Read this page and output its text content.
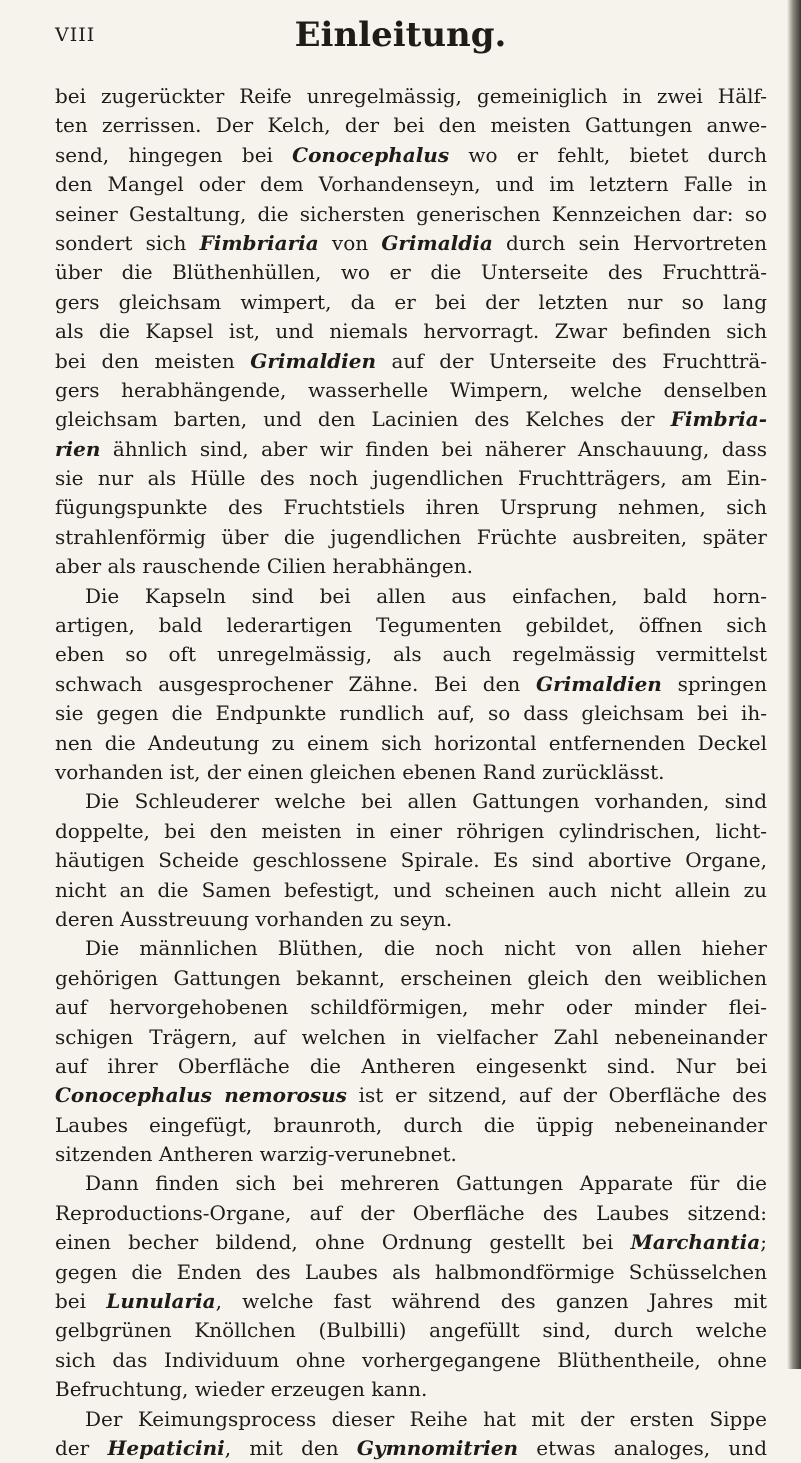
VIII	Einleitung.
bei zugerückter Reife unregelmässig, gemeiniglich in zwei Hälf-
ten zerrissen. Der Kelch, der bei den meisten Gattungen anwe-
send, hingegen bei Conocephalus wo er fehlt, bietet durch
den Mangel oder dem Vorhandenseyn, und im letztern Falle in
seiner Gestaltung, die sichersten generischen Kennzeichen dar: so
sondert sich Fimbriaria von Grimaldia durch sein Hervortreten
über die Blüthenhüllen, wo er die Unterseite des Fruchtträ-
gers gleichsam wimpert, da er bei der letzten nur so lang
als die Kapsel ist, und niemals hervorragt. Zwar befinden sich
bei den meisten Grimaldien auf der Unterseite des Fruchtträ-
gers herabhängende, wasserhelle Wimpern, welche denselben
gleichsam barten, und den Lacinien des Kelches der Fimbria-
rien ähnlich sind, aber wir finden bei näherer Anschauung, dass
sie nur als Hülle des noch jugendlichen Fruchtträgers, am Ein-
fügungspunkte des Fruchtstiels ihren Ursprung nehmen, sich
strahlenförmig über die jugendlichen Früchte ausbreiten, später
aber als rauschende Cilien herabhängen.
Die Kapseln sind bei allen aus einfachen, bald horn-
artigen, bald lederartigen Tegumenten gebildet, öffnen sich
eben so oft unregelmässig, als auch regelmässig vermittelst
schwach ausgesprochener Zähne. Bei den Grimaldien springen
sie gegen die Endpunkte rundlich auf, so dass gleichsam bei ih-
nen die Andeutung zu einem sich horizontal entfernenden Deckel
vorhanden ist, der einen gleichen ebenen Rand zurücklässt.
Die Schleuderer welche bei allen Gattungen vorhanden, sind
doppelte, bei den meisten in einer röhrigen cylindrischen, licht-
häutigen Scheide geschlossene Spirale. Es sind abortive Organe,
nicht an die Samen befestigt, und scheinen auch nicht allein zu
deren Ausstreuung vorhanden zu seyn.
Die männlichen Blüthen, die noch nicht von allen hieher
gehörigen Gattungen bekannt, erscheinen gleich den weiblichen
auf hervorgehobenen schildförmigen, mehr oder minder flei-
schigen Trägern, auf welchen in vielfacher Zahl nebeneinander
auf ihrer Oberfläche die Antheren eingesenkt sind. Nur bei
Conocephalus nemorosus ist er sitzend, auf der Oberfläche des
Laubes eingefügt, braunroth, durch die üppig nebeneinander
sitzenden Antheren warzig-verunebnet.
Dann finden sich bei mehreren Gattungen Apparate für die
Reproductions-Organe, auf der Oberfläche des Laubes sitzend:
einen becher bildend, ohne Ordnung gestellt bei Marchantia;
gegen die Enden des Laubes als halbmondförmige Schüsselchen
bei Lunularia, welche fast während des ganzen Jahres mit
gelbgrünen Knöllchen (Bulbilli) angefüllt sind, durch welche
sich das Individuum ohne vorhergegangene Blüthentheile, ohne
Befruchtung, wieder erzeugen kann.
Der Keimungsprocess dieser Reihe hat mit der ersten Sippe
der Hepaticini, mit den Gymnomitrien etwas analoges, und
